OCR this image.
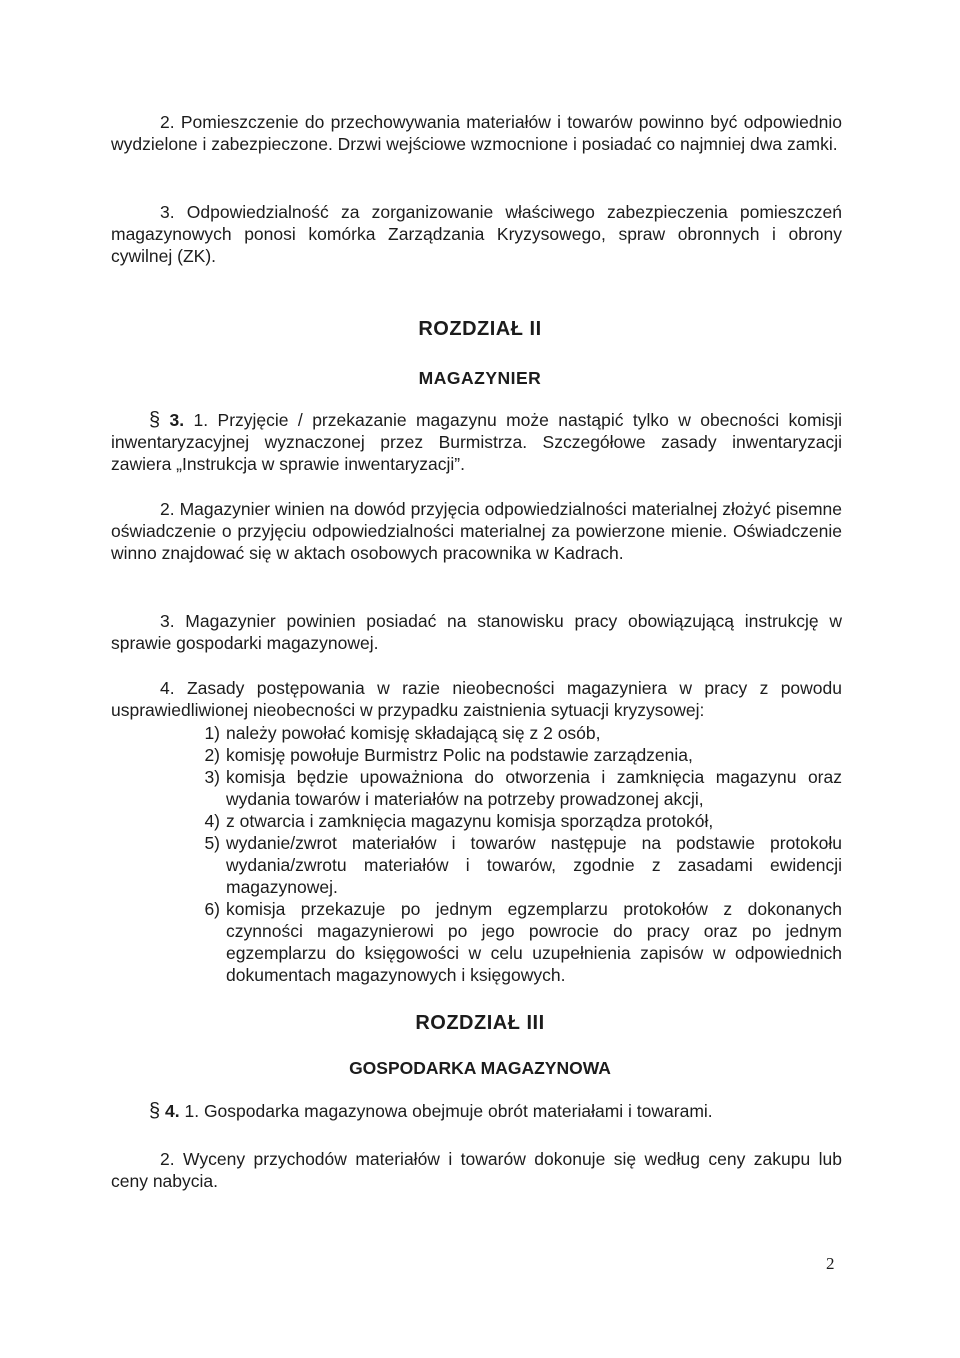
2. Pomieszczenie do przechowywania materiałów i towarów powinno być odpowiednio wydzielone i zabezpieczone. Drzwi wejściowe wzmocnione i posiadać co najmniej dwa zamki.

3. Odpowiedzialność za zorganizowanie właściwego zabezpieczenia pomieszczeń magazynowych ponosi komórka Zarządzania Kryzysowego, spraw obronnych i obrony cywilnej (ZK).

ROZDZIAŁ II
MAGAZYNIER

§ 3. 1. Przyjęcie / przekazanie magazynu może nastąpić tylko w obecności komisji inwentaryzacyjnej wyznaczonej przez Burmistrza. Szczegółowe zasady inwentaryzacji zawiera „Instrukcja w sprawie inwentaryzacji”.

2. Magazynier winien na dowód przyjęcia odpowiedzialności materialnej złożyć pisemne oświadczenie o przyjęciu odpowiedzialności materialnej za powierzone mienie. Oświadczenie winno znajdować się w aktach osobowych pracownika w Kadrach.

3. Magazynier powinien posiadać na stanowisku pracy obowiązującą instrukcję w sprawie gospodarki magazynowej.

4. Zasady postępowania w razie nieobecności magazyniera w pracy z powodu usprawiedliwionej nieobecności w przypadku zaistnienia sytuacji kryzysowej:

1) należy powołać komisję składającą się z 2 osób,
2) komisję powołuje Burmistrz Polic na podstawie zarządzenia,
3) komisja będzie upoważniona do otworzenia i zamknięcia magazynu oraz wydania towarów i materiałów na potrzeby prowadzonej akcji,
4) z otwarcia i zamknięcia magazynu komisja sporządza protokół,
5) wydanie/zwrot materiałów i towarów następuje na podstawie protokołu wydania/zwrotu materiałów i towarów, zgodnie z zasadami ewidencji magazynowej.
6) komisja przekazuje po jednym egzemplarzu protokołów z dokonanych czynności magazynierowi po jego powrocie do pracy oraz po jednym egzemplarzu do księgowości w celu uzupełnienia zapisów w odpowiednich dokumentach magazynowych i księgowych.
ROZDZIAŁ III
GOSPODARKA MAGAZYNOWA

§ 4. 1. Gospodarka magazynowa obejmuje obrót materiałami i towarami.

2. Wyceny przychodów materiałów i towarów dokonuje się według ceny zakupu lub ceny nabycia.

2
